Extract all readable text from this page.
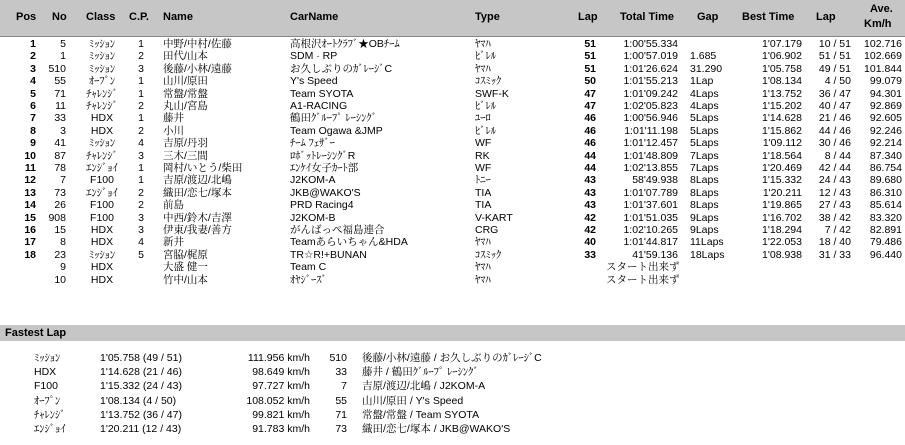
Pos No Class C.P. Name	CarName	Type	Lap Total Time Gap Best Time Lap
Ave.
Km/h
1	5	ﾐｯｼｮﾝ	1	中野/中村/佐藤	高根沢ｵｰﾄｸﾗﾌﾞ★OBﾁｰﾑ	ﾔﾏﾊ	51	1:00'55.334	1'07.179	10 / 51	102.716
2	1	ﾐｯｼｮﾝ	2	田代/山本	SDM · RP	ﾋﾞﾚﾙ	51	1:00'57.019 1.685	1'06.902	51 / 51	102.669
3	510	ﾐｯｼｮﾝ	3	後藤/小林/遠藤	お久しぶりのｶﾞﾚｰｼﾞC	ﾔﾏﾊ	51	1:01'26.624 31.290	1'05.758	49 / 51	101.844
4	55	ｵｰﾌﾟﾝ	1	山川/原田	Y's Speed	ｺｽﾐｯｸ	50	1:01'55.213 1Lap	1'08.134	4 / 50	99.079
5	71	ﾁｬﾚﾝｼﾞ	1	常盤/常盤	Team SYOTA	SWF-K	47	1:01'09.242 4Laps	1'13.752	36 / 47	94.301
6	11	ﾁｬﾚﾝｼﾞ	2	丸山/宮島	A1-RACING	ﾋﾞﾚﾙ	47	1:02'05.823 4Laps	1'15.202	40 / 47	92.869
7	33	HDX	1	藤井	鶴田ｸﾞﾙｰﾌﾟ ﾚｰｼﾝｸﾞ	ﾕｰﾛ	46	1:00'56.946 5Laps	1'14.628	21 / 46	92.605
8	3	HDX	2	小川	Team Ogawa &JMP	ﾋﾞﾚﾙ	46	1:01'11.198 5Laps	1'15.862	44 / 46	92.246
9	41	ﾐｯｼｮﾝ	4	吉原/丹羽	ﾁｰﾑ ﾌｪｻﾞｰ	WF	46	1:01'12.457 5Laps	1'09.112	30 / 46	92.214
10	87	ﾁｬﾚﾝｼﾞ	3	三木/三間	ﾛﾎﾞｯﾄﾚｰｼﾝｸﾞR	RK	44	1:01'48.809 7Laps	1'18.564	8 / 44	87.340
11	78	ｴﾝｼﾞｮｲ	1	岡村/いとう/柴田	ｴﾝｹｲ女子ｶｰﾄ部	WF	44	1:02'13.855 7Laps	1'20.469	42 / 44	86.754
12	7	F100	1	吉原/渡辺/北嶋	J2KOM-A	ﾄﾆｰ	43	58'49.938 8Laps	1'15.332	24 / 43	89.680
13	73	ｴﾝｼﾞｮｲ	2	織田/恋七/塚本	JKB@WAKO'S	TIA	43	1:01'07.789 8Laps	1'20.211	12 / 43	86.310
14	26	F100	2	前島	PRD Racing4	TIA	43	1:01'37.601 8Laps	1'19.865	27 / 43	85.614
15	908	F100	3	中西/鈴木/吉澤	J2KOM-B	V-KART	42	1:01'51.035 9Laps	1'16.702	38 / 42	83.320
16	15	HDX	3	伊東/我妻/善方	がんばっぺ福島連合	CRG	42	1:02'10.265 9Laps	1'18.294	7 / 42	82.891
17	8	HDX	4	新井	Teamあらいちゃん&HDA	ﾔﾏﾊ	40	1:01'44.817 11Laps	1'22.053	18 / 40	79.486
18	23	ﾐｯｼｮﾝ	5	宮脇/梶原	TR☆R!+BUNAN	ｺｽﾐｯｸ	33	41'59.136 18Laps	1'08.938	31 / 33	96.440
9	HDX	大盛 健一	Team C	ﾔﾏﾊ	スタート出来ず
10	HDX	竹中/山本	ｵﾔｼﾞｰｽﾞ	ﾔﾏﾊ	スタート出来ず
Fastest Lap
ﾐｯｼｮﾝ	1'05.758 (49 / 51)	111.956 km/h	510 後藤/小林/遠藤 / お久しぶりのｶﾞﾚｰｼﾞC
HDX	1'14.628 (21 / 46)	98.649 km/h	33 藤井 / 鶴田ｸﾞﾙｰﾌﾟ ﾚｰｼﾝｸﾞ
F100	1'15.332 (24 / 43)	97.727 km/h	7 吉原/渡辺/北嶋 / J2KOM-A
ｵｰﾌﾟﾝ	1'08.134 (4 / 50)	108.052 km/h	55 山川/原田 / Y's Speed
ﾁｬﾚﾝｼﾞ	1'13.752 (36 / 47)	99.821 km/h	71 常盤/常盤 / Team SYOTA
ｴﾝｼﾞｮｲ	1'20.211 (12 / 43)	91.783 km/h	73 織田/恋七/塚本 / JKB@WAKO'S
